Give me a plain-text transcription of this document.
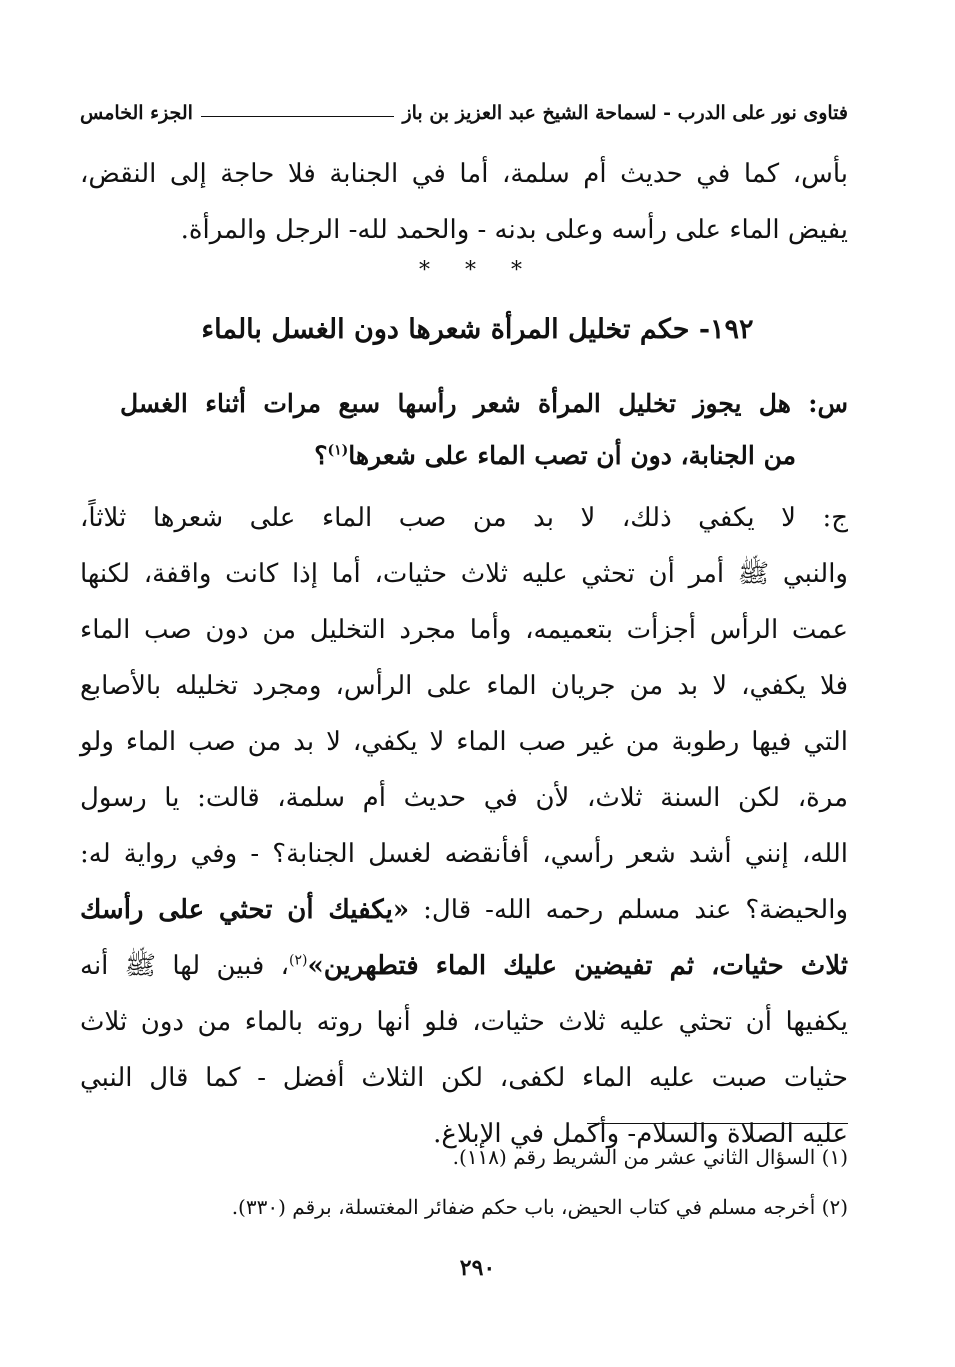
فتاوى نور على الدرب - لسماحة الشيخ عبد العزيز بن باز
الجزء الخامس
بأس، كما في حديث أم سلمة، أما في الجنابة فلا حاجة إلى النقض،
يفيض الماء على رأسه وعلى بدنه - والحمد لله- الرجل والمرأة.
* * *
١٩٢- حكم تخليل المرأة شعرها دون الغسل بالماء
س: هل يجوز تخليل المرأة شعر رأسها سبع مرات أثناء الغسل
من الجنابة، دون أن تصب الماء على شعرها$^{(١)}$؟
ج: لا يكفي ذلك، لا بد من صب الماء على شعرها ثلاثاً،
والنبي ﷺ أمر أن تحثي عليه ثلاث حثيات، أما إذا كانت واقفة، لكنها
عمت الرأس أجزأت بتعميمه، وأما مجرد التخليل من دون صب الماء
فلا يكفي، لا بد من جريان الماء على الرأس، ومجرد تخليله بالأصابع
التي فيها رطوبة من غير صب الماء لا يكفي، لا بد من صب الماء ولو
مرة، لكن السنة ثلاث، لأن في حديث أم سلمة، قالت: يا رسول
الله، إنني أشد شعر رأسي، أفأنقضه لغسل الجنابة؟ - وفي رواية له:
والحيضة؟ عند مسلم رحمه الله- قال: «يكفيك أن تحثي على رأسك
ثلاث حثيات، ثم تفيضين عليك الماء فتطهرين»$^{(٢)}$، فبين لها ﷺ أنه
يكفيها أن تحثي عليه ثلاث حثيات، فلو أنها روته بالماء من دون ثلاث
حثيات صبت عليه الماء لكفى، لكن الثلاث أفضل - كما قال النبي
عليه الصلاة والسلام- وأكمل في الإبلاغ.
(١) السؤال الثاني عشر من الشريط رقم (١١٨).
(٢) أخرجه مسلم في كتاب الحيض، باب حكم ضفائر المغتسلة، برقم (٣٣٠).
٢٩٠
